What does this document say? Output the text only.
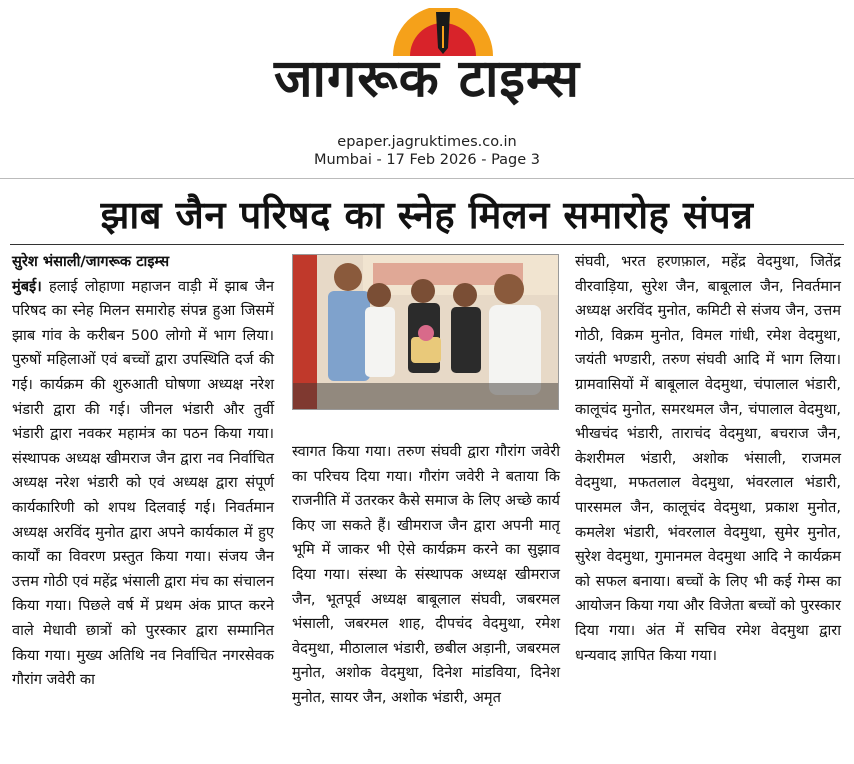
जागरूक टाइम्स
epaper.jagruktimes.co.in
Mumbai - 17 Feb 2026 - Page 3
झाब जैन परिषद का स्नेह मिलन समारोह संपन्न

सुरेश भंसाली/जागरूक टाइम्स
मुंबई। हलाई लोहाणा महाजन वाड़ी में झाब जैन परिषद का स्नेह मिलन समारोह संपन्न हुआ जिसमें झाब गांव के करीबन 500 लोगो में भाग लिया। पुरुषों महिलाओं एवं बच्चों द्वारा उपस्थिति दर्ज की गई। कार्यक्रम की शुरुआती घोषणा अध्यक्ष नरेश भंडारी द्वारा की गई। जीनल भंडारी और तुर्वी भंडारी द्वारा नवकर महामंत्र का पठन किया गया। संस्थापक अध्यक्ष खीमराज जैन द्वारा नव निर्वाचित अध्यक्ष नरेश भंडारी को एवं अध्यक्ष द्वारा संपूर्ण कार्यकारिणी को शपथ दिलवाई गई। निवर्तमान अध्यक्ष अरविंद मुनोत द्वारा अपने कार्यकाल में हुए कार्यों का विवरण प्रस्तुत किया गया। संजय जैन उत्तम गोठी एवं महेंद्र भंसाली द्वारा मंच का संचालन किया गया। पिछले वर्ष में प्रथम अंक प्राप्त करने वाले मेधावी छात्रों को पुरस्कार द्वारा सम्मानित किया गया। मुख्य अतिथि नव निर्वाचित नगरसेवक गौरांग जवेरी का

स्वागत किया गया। तरुण संघवी द्वारा गौरांग जवेरी का परिचय दिया गया। गौरांग जवेरी ने बताया कि राजनीति में उतरकर कैसे समाज के लिए अच्छे कार्य किए जा सकते हैं। खीमराज जैन द्वारा अपनी मातृ भूमि में जाकर भी ऐसे कार्यक्रम करने का सुझाव दिया गया। संस्था के संस्थापक अध्यक्ष खीमराज जैन, भूतपूर्व अध्यक्ष बाबूलाल संघवी, जबरमल भंसाली, जबरमल शाह, दीपचंद वेदमुथा, रमेश वेदमुथा, मीठालाल भंडारी, छबील अड़ानी, जबरमल मुनोत, अशोक वेदमुथा, दिनेश मांडविया, दिनेश मुनोत, सायर जैन, अशोक भंडारी, अमृत

संघवी, भरत हरणफ़ाल, महेंद्र वेदमुथा, जितेंद्र वीरवाड़िया, सुरेश जैन, बाबूलाल जैन, निवर्तमान अध्यक्ष अरविंद मुनोत, कमिटी से संजय जैन, उत्तम गोठी, विक्रम मुनोत, विमल गांधी, रमेश वेदमुथा, जयंती भण्डारी, तरुण संघवी आदि में भाग लिया। ग्रामवासियों में बाबूलाल वेदमुथा, चंपालाल भंडारी, कालूचंद मुनोत, समरथमल जैन, चंपालाल वेदमुथा, भीखचंद भंडारी, ताराचंद वेदमुथा, बचराज जैन, केशरीमल भंडारी, अशोक भंसाली, राजमल वेदमुथा, मफतलाल वेदमुथा, भंवरलाल भंडारी, पारसमल जैन, कालूचंद वेदमुथा, प्रकाश मुनोत, कमलेश भंडारी, भंवरलाल वेदमुथा, सुमेर मुनोत, सुरेश वेदमुथा, गुमानमल वेदमुथा आदि ने कार्यक्रम को सफल बनाया। बच्चों के लिए भी कई गेम्स का आयोजन किया गया और विजेता बच्चों को पुरस्कार दिया गया। अंत में सचिव रमेश वेदमुथा द्वारा धन्यवाद ज्ञापित किया गया।
